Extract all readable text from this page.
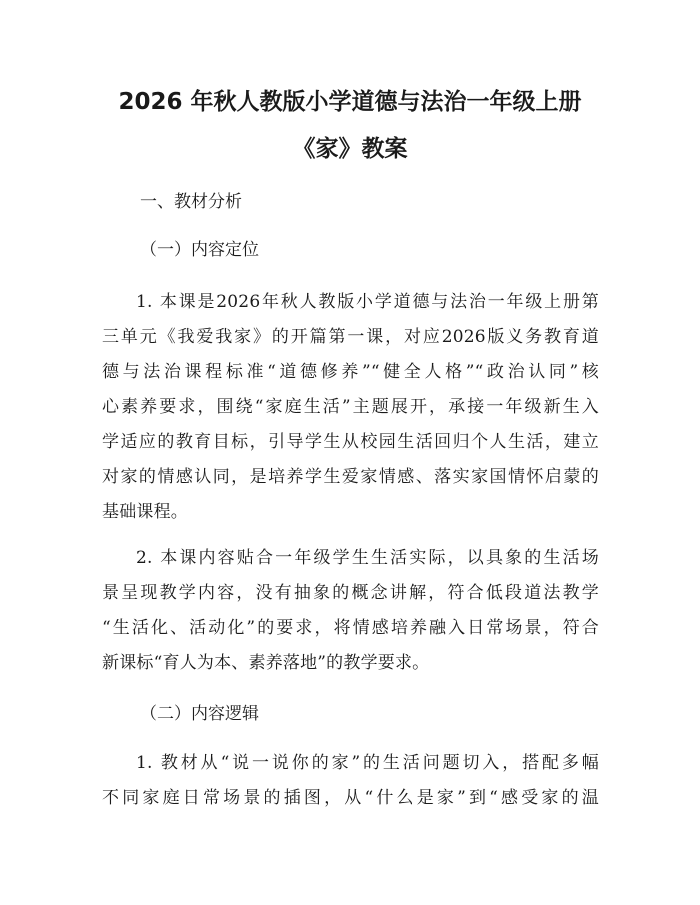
2026 年秋人教版小学道德与法治一年级上册
《家》教案

一、教材分析

（一）内容定位

1. 本课是2026年秋人教版小学道德与法治一年级上册第
三单元《我爱我家》的开篇第一课，对应2026版义务教育道
德与法治课程标准“道德修养”“健全人格”“政治认同”核
心素养要求，围绕“家庭生活”主题展开，承接一年级新生入
学适应的教育目标，引导学生从校园生活回归个人生活，建立
对家的情感认同，是培养学生爱家情感、落实家国情怀启蒙的
基础课程。
2. 本课内容贴合一年级学生生活实际，以具象的生活场
景呈现教学内容，没有抽象的概念讲解，符合低段道法教学
“生活化、活动化”的要求，将情感培养融入日常场景，符合
新课标“育人为本、素养落地”的教学要求。

（二）内容逻辑

1. 教材从“说一说你的家”的生活问题切入，搭配多幅
不同家庭日常场景的插图，从“什么是家”到“感受家的温
